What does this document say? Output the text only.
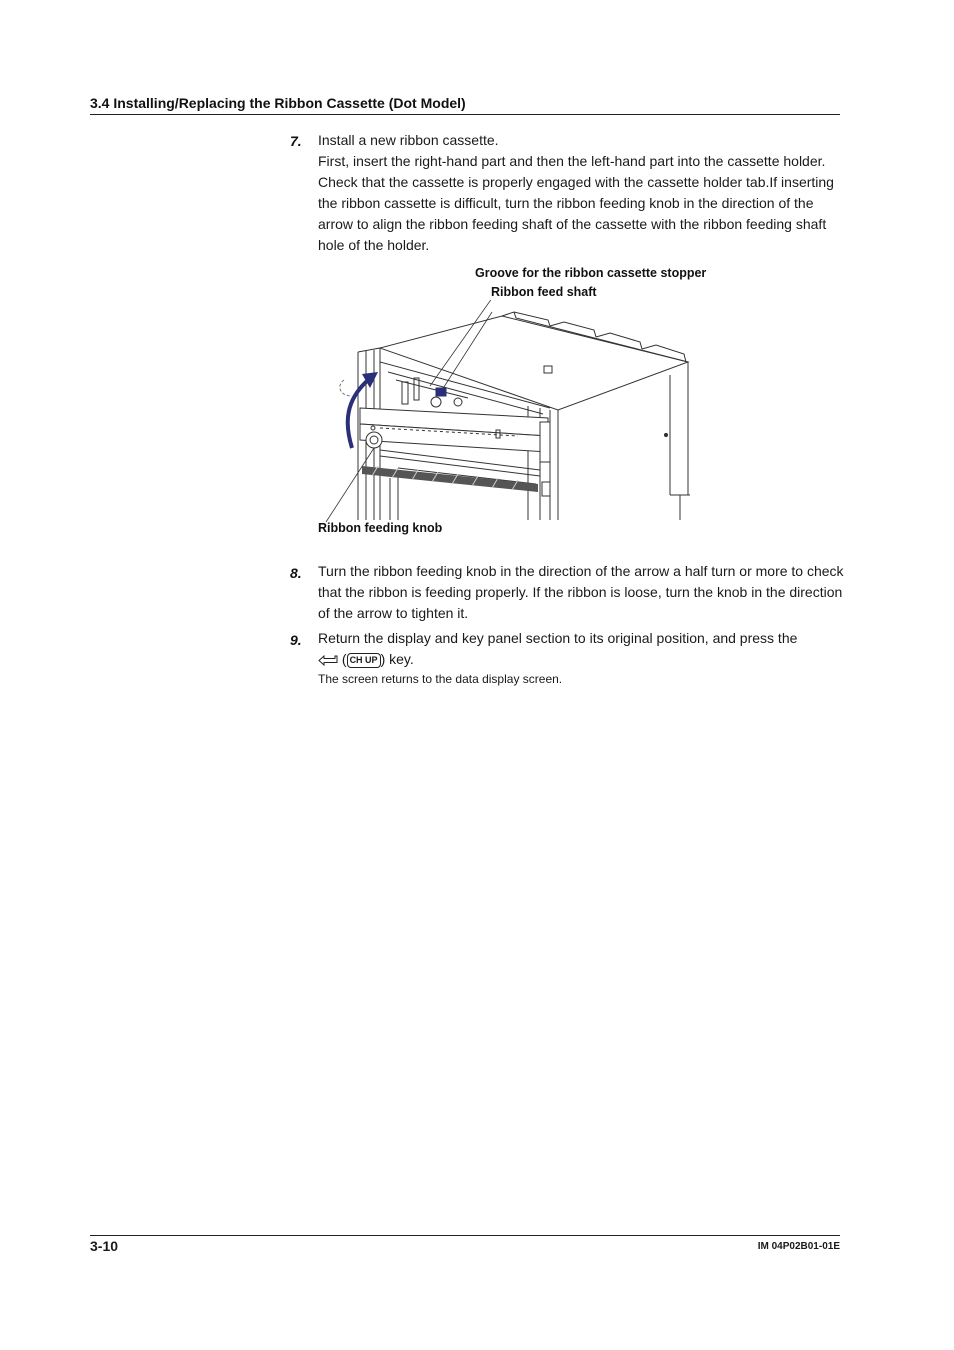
3.4 Installing/Replacing the Ribbon Cassette (Dot Model)
7. Install a new ribbon cassette.

First, insert the right-hand part and then the left-hand part into the cassette holder. Check that the cassette is properly engaged with the cassette holder tab.If inserting the ribbon cassette is difficult, turn the ribbon feeding knob in the direction of the arrow to align the ribbon feeding shaft of the cassette with the ribbon feeding shaft hole of the holder.

Groove for the ribbon cassette stopper
Ribbon feed shaft
Ribbon feeding knob
8. Turn the ribbon feeding knob in the direction of the arrow a half turn or more to check that the ribbon is feeding properly. If the ribbon is loose, turn the knob in the direction of the arrow to tighten it.

9. Return the display and key panel section to its original position, and press the

( CH UP ) key.

The screen returns to the data display screen.

3-10	IM 04P02B01-01E
